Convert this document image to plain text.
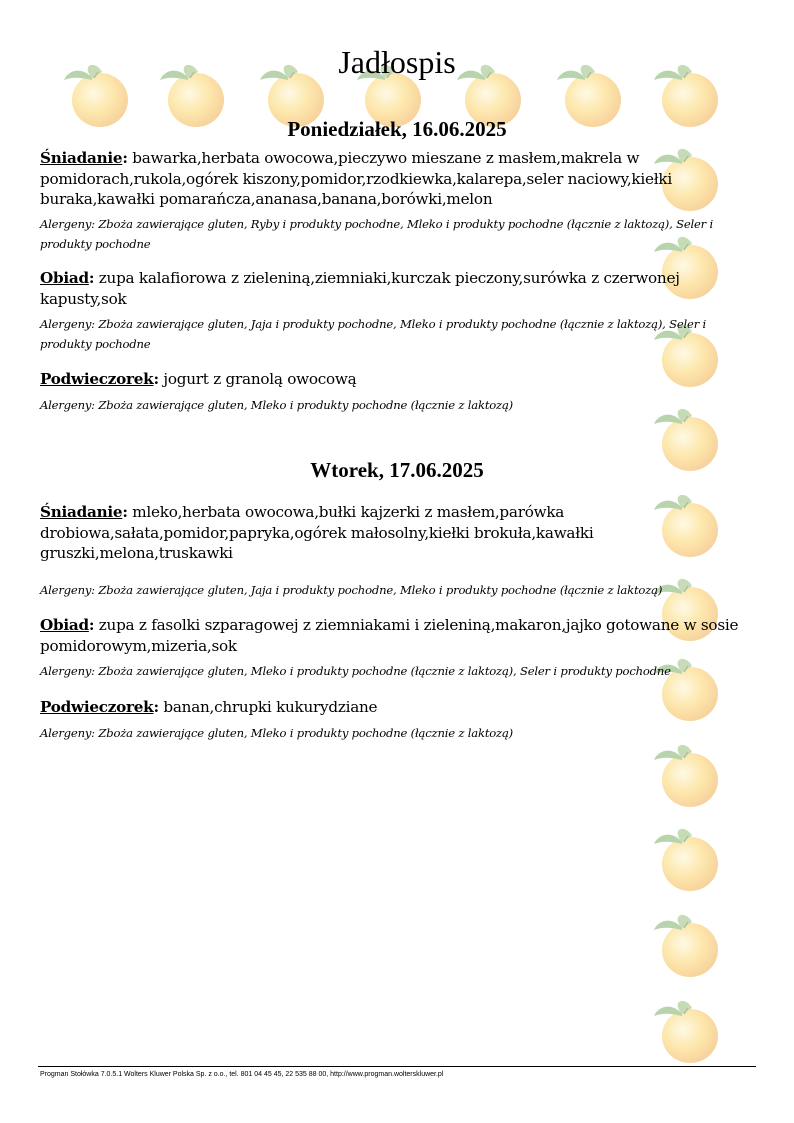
Jadłospis
Poniedziałek, 16.06.2025
Śniadanie: bawarka,herbata owocowa,pieczywo mieszane z masłem,makrela w pomidorach,rukola,ogórek kiszony,pomidor,rzodkiewka,kalarepa,seler naciowy,kiełki buraka,kawałki pomarańcza,ananasa,banana,borówki,melon
Alergeny: Zboża zawierające gluten, Ryby i produkty pochodne, Mleko i produkty pochodne (łącznie z laktozą), Seler i produkty pochodne
Obiad: zupa kalafiorowa z zieleniną,ziemniaki,kurczak pieczony,surówka z czerwonej kapusty,sok
Alergeny: Zboża zawierające gluten, Jaja i produkty pochodne, Mleko i produkty pochodne (łącznie z laktozą), Seler i produkty pochodne
Podwieczorek: jogurt z granolą owocową
Alergeny: Zboża zawierające gluten, Mleko i produkty pochodne (łącznie z laktozą)
Wtorek, 17.06.2025
Śniadanie: mleko,herbata owocowa,bułki kajzerki z masłem,parówka drobiowa,sałata,pomidor,papryka,ogórek małosolny,kiełki brokuła,kawałki gruszki,melona,truskawki
Alergeny: Zboża zawierające gluten, Jaja i produkty pochodne, Mleko i produkty pochodne (łącznie z laktozą)
Obiad: zupa z fasolki szparagowej z ziemniakami i zieleniną,makaron,jajko gotowane w sosie pomidorowym,mizeria,sok
Alergeny: Zboża zawierające gluten, Mleko i produkty pochodne (łącznie z laktozą), Seler i produkty pochodne
Podwieczorek: banan,chrupki kukurydziane
Alergeny: Zboża zawierające gluten, Mleko i produkty pochodne (łącznie z laktozą)
Progman Stołówka 7.0.5.1 Wolters Kluwer Polska Sp. z o.o., tel. 801 04 45 45, 22 535 88 00, http://www.progman.wolterskluwer.pl
